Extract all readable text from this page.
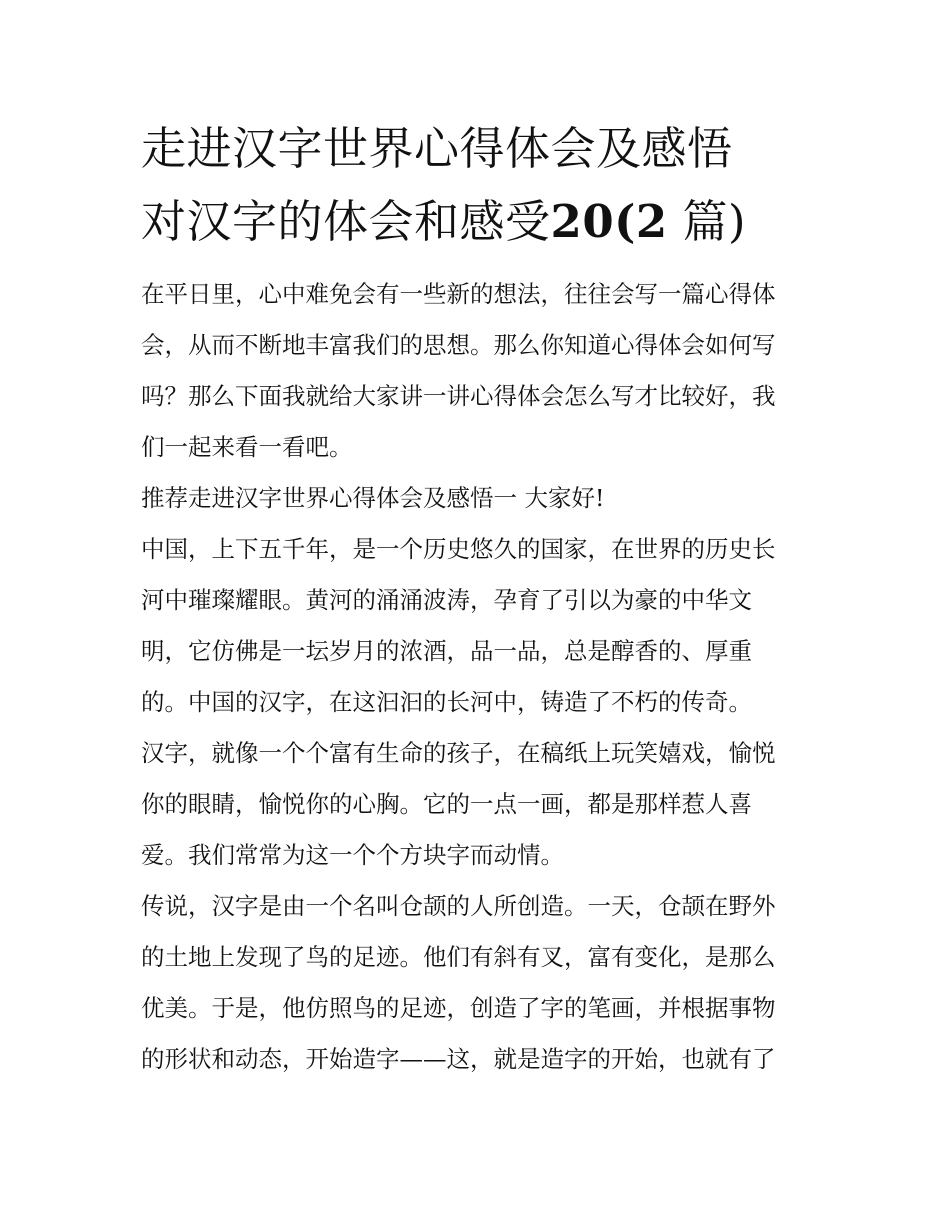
走进汉字世界心得体会及感悟
对汉字的体会和感受20(2 篇)

在平日里，心中难免会有一些新的想法，往往会写一篇心得体
会，从而不断地丰富我们的思想。那么你知道心得体会如何写
吗？那么下面我就给大家讲一讲心得体会怎么写才比较好，我
们一起来看一看吧。

推荐走进汉字世界心得体会及感悟一 大家好!

中国，上下五千年，是一个历史悠久的国家，在世界的历史长
河中璀璨耀眼。黄河的涌涌波涛，孕育了引以为豪的中华文
明，它仿佛是一坛岁月的浓酒，品一品，总是醇香的、厚重
的。中国的汉字，在这汩汩的长河中，铸造了不朽的传奇。

汉字，就像一个个富有生命的孩子，在稿纸上玩笑嬉戏，愉悦
你的眼睛，愉悦你的心胸。它的一点一画，都是那样惹人喜
爱。我们常常为这一个个方块字而动情。

传说，汉字是由一个名叫仓颉的人所创造。一天，仓颉在野外
的土地上发现了鸟的足迹。他们有斜有叉，富有变化，是那么
优美。于是，他仿照鸟的足迹，创造了字的笔画，并根据事物
的形状和动态，开始造字——这，就是造字的开始，也就有了
